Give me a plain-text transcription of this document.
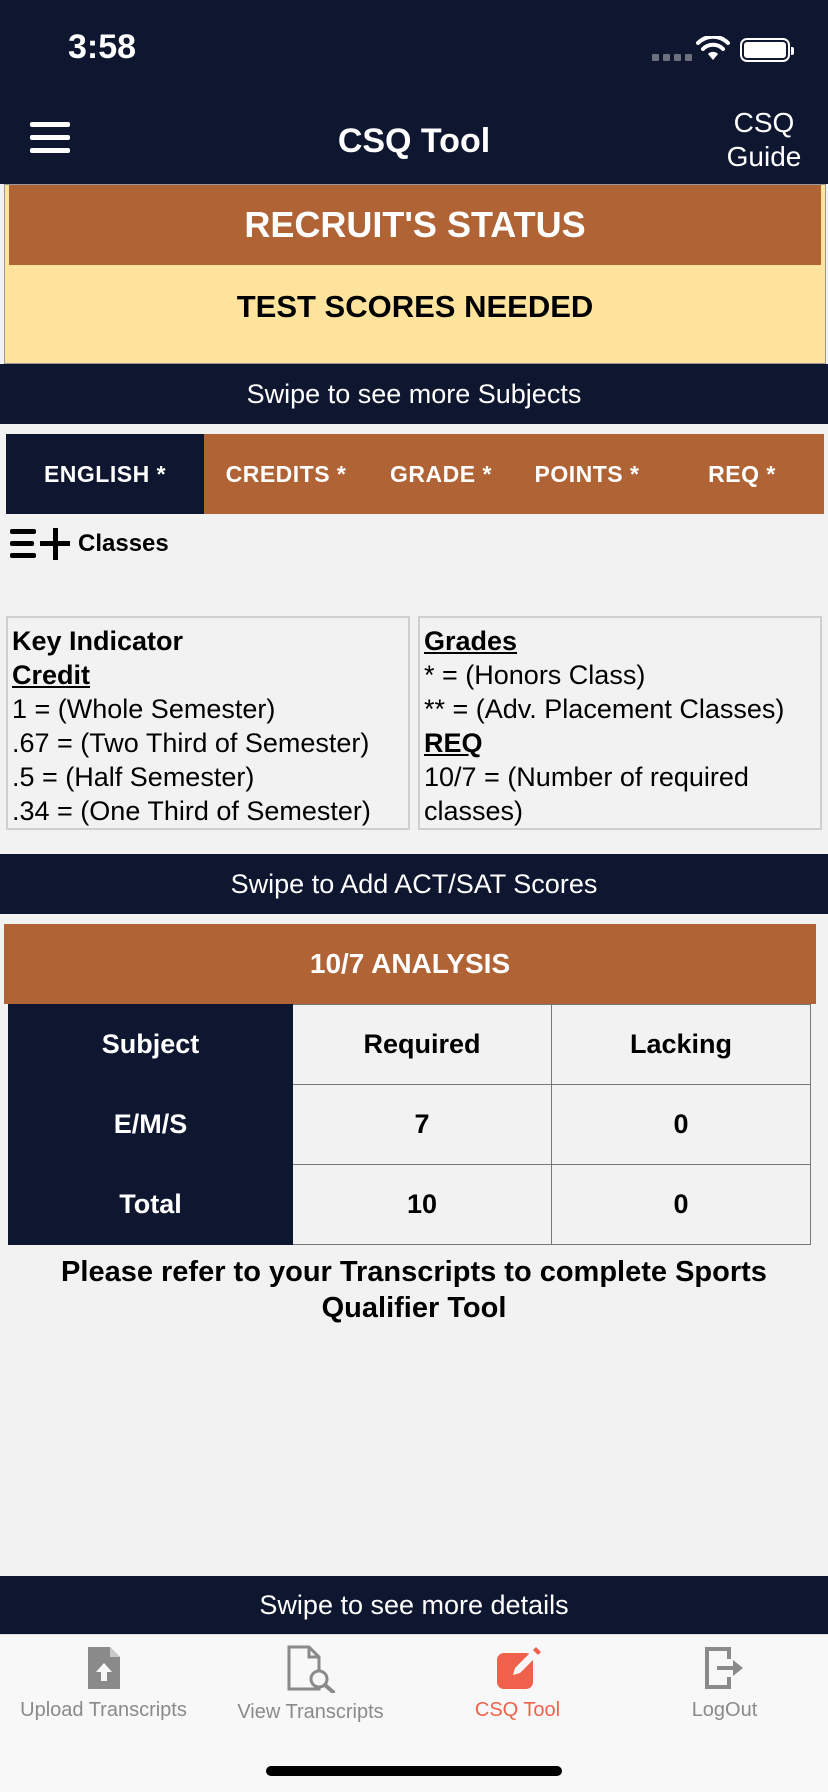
3:58
CSQ Tool	CSQ
Guide
RECRUIT'S STATUS
TEST SCORES NEEDED
Swipe to see more Subjects
ENGLISH *	CREDITS *	GRADE *	POINTS *	REQ *
Classes
Key Indicator
Credit
1 = (Whole Semester)
.67 = (Two Third of Semester)
.5 = (Half Semester)
.34 = (One Third of Semester)
Grades
* = (Honors Class)
** = (Adv. Placement Classes)
REQ
10/7 = (Number of required classes)
Swipe to Add ACT/SAT Scores
10/7 ANALYSIS
Subject	Required	Lacking
E/M/S	7	0
Total	10	0
Please refer to your Transcripts to complete Sports Qualifier Tool
Swipe to see more details
Upload Transcripts	View Transcripts	CSQ Tool	LogOut
